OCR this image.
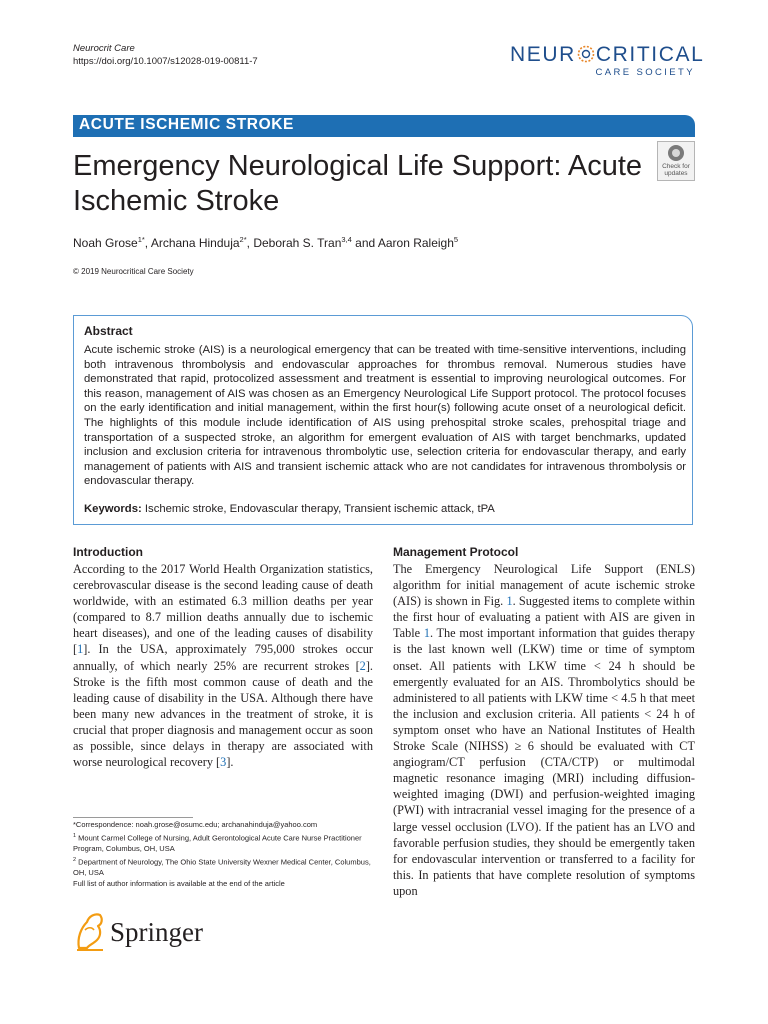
Neurocrit Care
https://doi.org/10.1007/s12028-019-00811-7	NEUR CRITICAL
CARE SOCIETY
ACUTE ISCHEMIC STROKE
Emergency Neurological Life Support: Acute
Ischemic Stroke
Check for
updates
Noah Grose$^{1*}$, Archana Hinduja$^{2*}$, Deborah S. Tran$^{3,4}$ and Aaron Raleigh$^5$
© 2019 Neurocritical Care Society
Abstract
Acute ischemic stroke (AIS) is a neurological emergency that can be treated with time-sensitive interventions, including both intravenous thrombolysis and endovascular approaches for thrombus removal. Numerous studies have demonstrated that rapid, protocolized assessment and treatment is essential to improving neurological outcomes. For this reason, management of AIS was chosen as an Emergency Neurological Life Support protocol. The protocol focuses on the early identification and initial management, within the first hour(s) following acute onset of a neurological deficit. The highlights of this module include identification of AIS using prehospital stroke scales, prehospital triage and transportation of a suspected stroke, an algorithm for emergent evaluation of AIS with target benchmarks, updated inclusion and exclusion criteria for intravenous thrombolytic use, selection criteria for endovascular therapy, and early management of patients with AIS and transient ischemic attack who are not candidates for intravenous thrombolysis or endovascular therapy.
Keywords: Ischemic stroke, Endovascular therapy, Transient ischemic attack, tPA
Introduction
According to the 2017 World Health Organization statistics, cerebrovascular disease is the second leading cause of death worldwide, with an estimated 6.3 million deaths per year (compared to 8.7 million deaths annually due to ischemic heart diseases), and one of the leading causes of disability [1]. In the USA, approximately 795,000 strokes occur annually, of which nearly 25% are recurrent strokes [2]. Stroke is the fifth most common cause of death and the leading cause of disability in the USA. Although there have been many new advances in the treatment of stroke, it is crucial that proper diagnosis and management occur as soon as possible, since delays in therapy are associated with worse neurological recovery [3].
Management Protocol
The Emergency Neurological Life Support (ENLS) algorithm for initial management of acute ischemic stroke (AIS) is shown in Fig. 1. Suggested items to complete within the first hour of evaluating a patient with AIS are given in Table 1. The most important information that guides therapy is the last known well (LKW) time or time of symptom onset. All patients with LKW time < 24 h should be emergently evaluated for an AIS. Thrombolytics should be administered to all patients with LKW time < 4.5 h that meet the inclusion and exclusion criteria. All patients < 24 h of symptom onset who have an National Institutes of Health Stroke Scale (NIHSS) ≥ 6 should be evaluated with CT angiogram/CT perfusion (CTA/CTP) or multimodal magnetic resonance imaging (MRI) including diffusion-weighted imaging (DWI) and perfusion-weighted imaging (PWI) with intracranial vessel imaging for the presence of a large vessel occlusion (LVO). If the patient has an LVO and favorable perfusion studies, they should be emergently taken for endovascular intervention or transferred to a facility for this. In patients that have complete resolution of symptoms upon
*Correspondence: noah.grose@osumc.edu; archanahinduja@yahoo.com
$^1$ Mount Carmel College of Nursing, Adult Gerontological Acute Care Nurse Practitioner Program, Columbus, OH, USA
$^2$ Department of Neurology, The Ohio State University Wexner Medical Center, Columbus, OH, USA
Full list of author information is available at the end of the article
Springer
